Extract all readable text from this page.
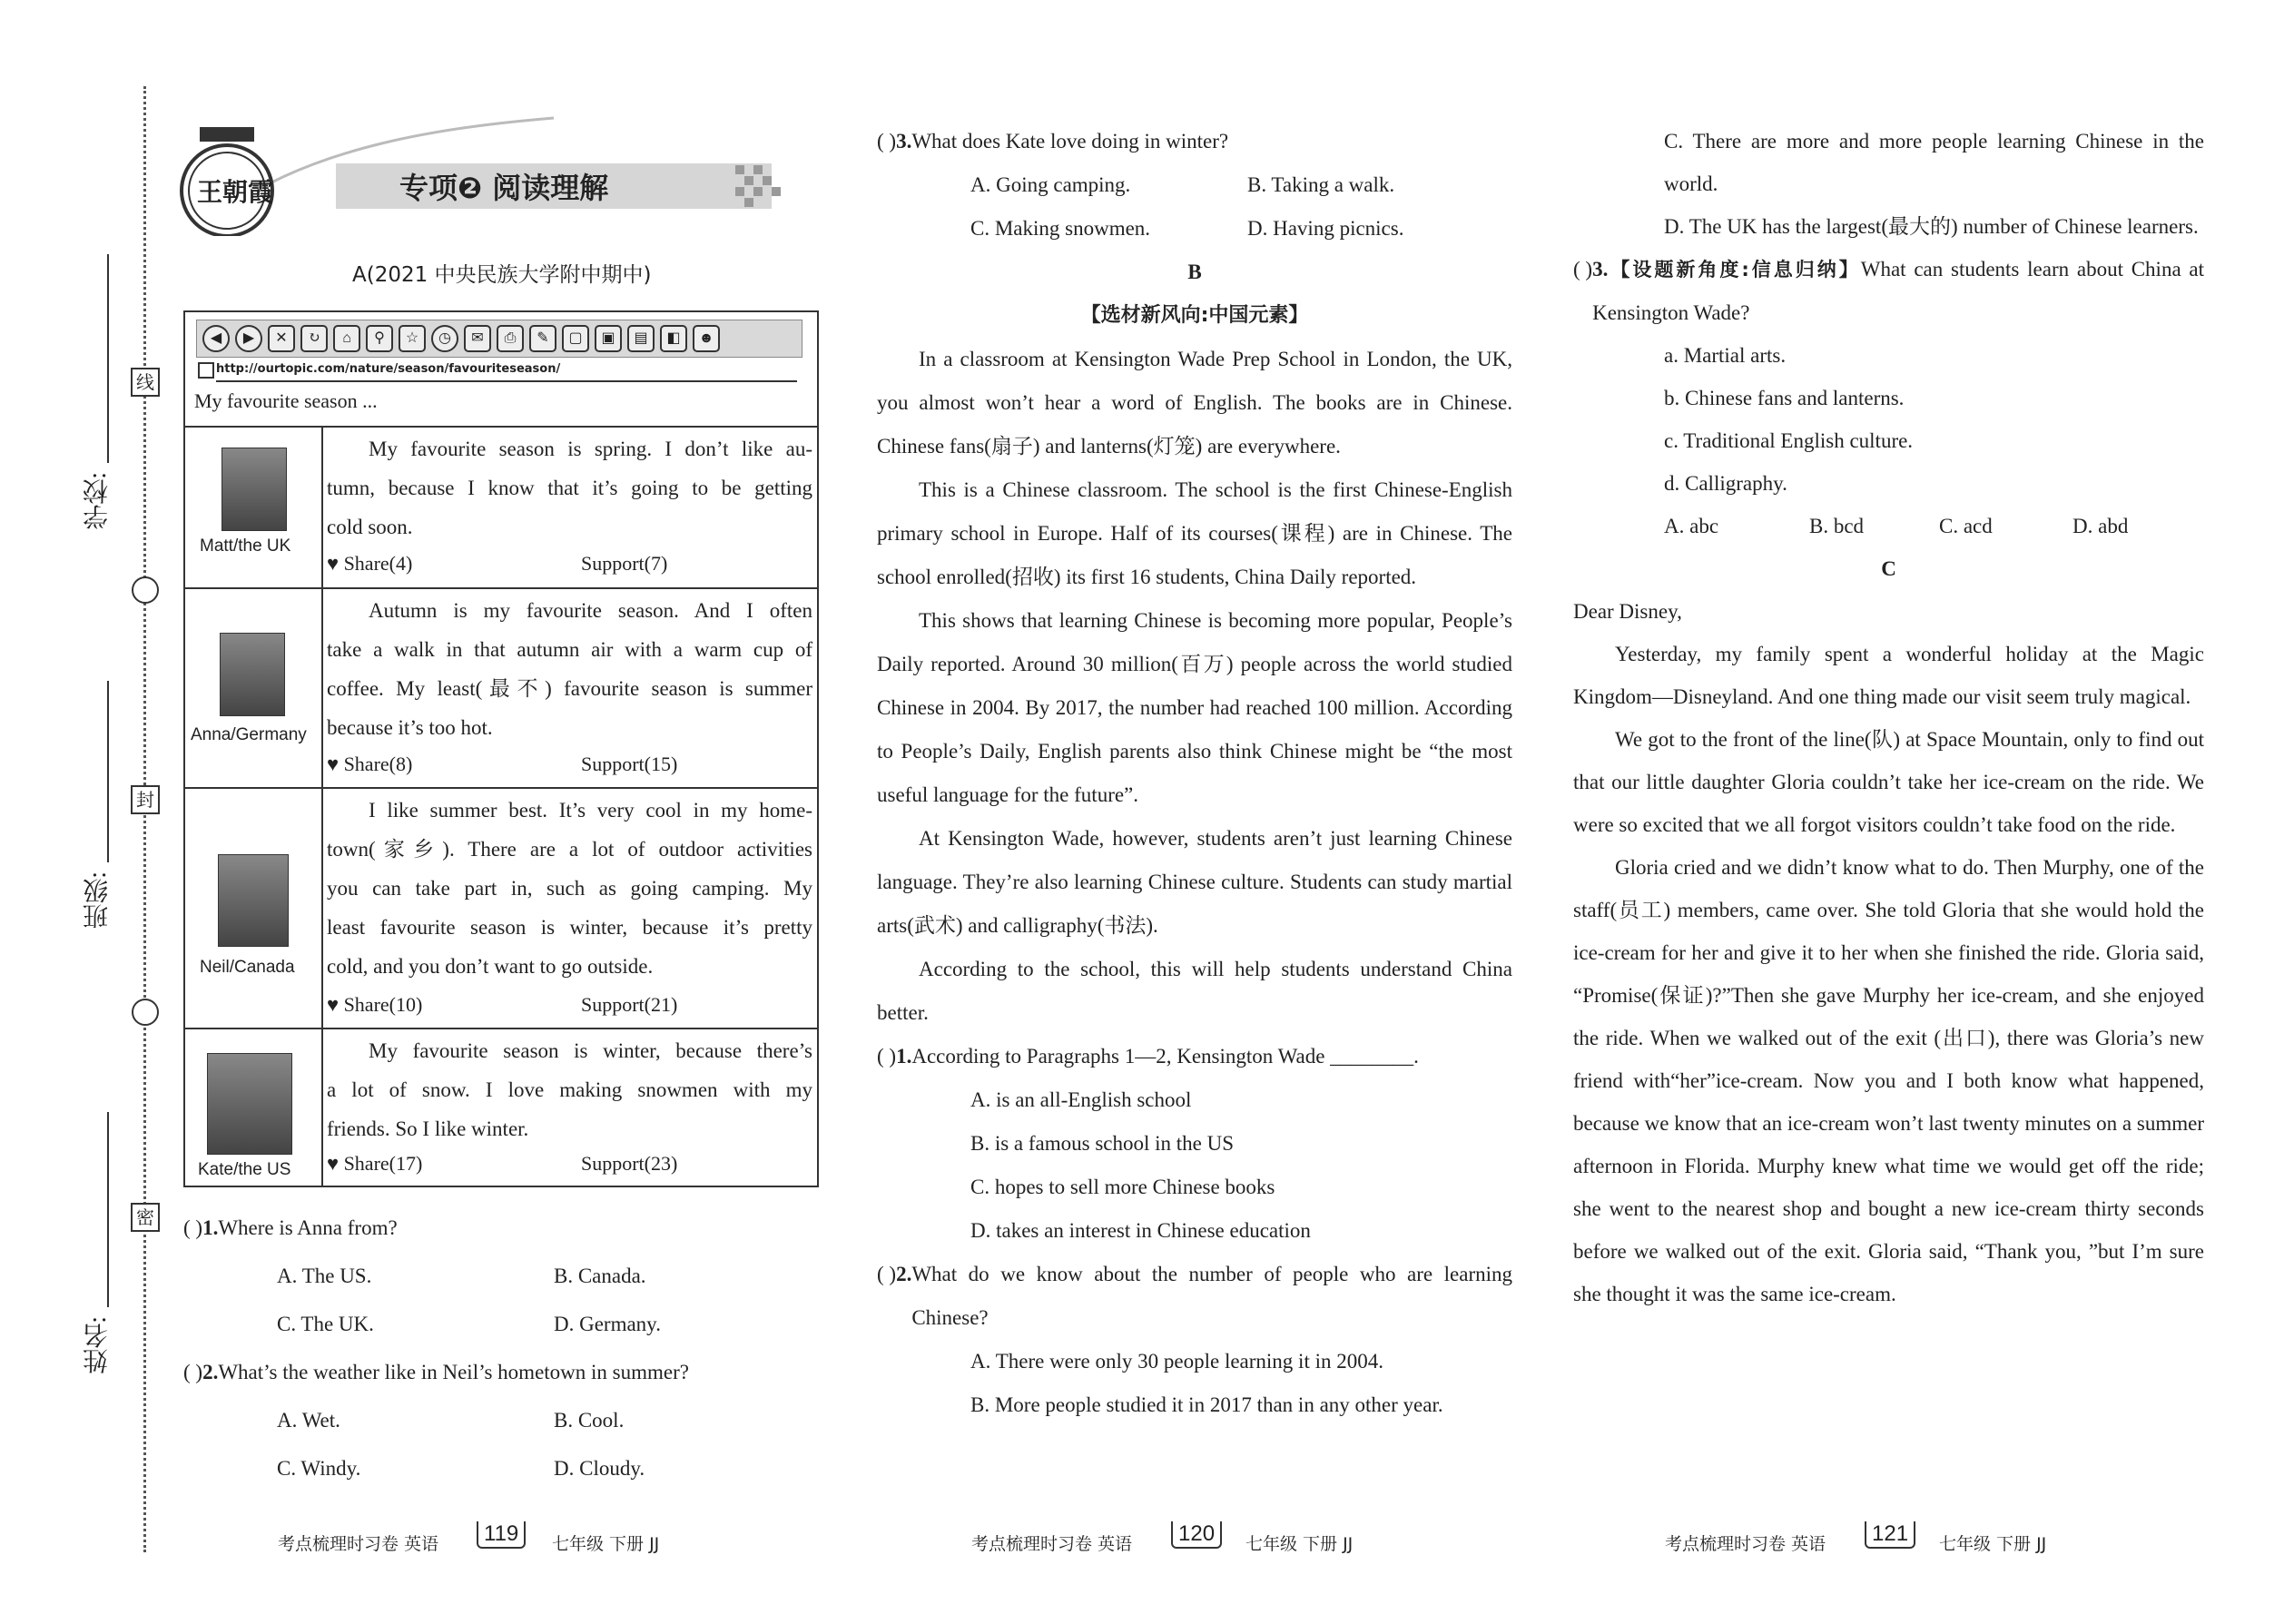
学校:
班级:
姓名:
线
封
密
王朝霞	专项❷ 阅读理解
A(2021 中央民族大学附中期中)
◀	▶	✕	↻	⌂	⚲	☆	◷	✉	⎙	✎	▢	▣	▤	◧	☻
http://ourtopic.com/nature/season/favouriteseason/
My favourite season ...
Matt/the UK
My favourite season is spring. I don’t like au-
tumn, because I know that it’s going to be getting
cold soon.
♥ Share(4)	Support(7)
Anna/Germany
Autumn is my favourite season. And I often
take a walk in that autumn air with a warm cup of
coffee. My least(最不) favourite season is summer
because it’s too hot.
♥ Share(8)	Support(15)
Neil/Canada
I like summer best. It’s very cool in my home-
town(家乡). There are a lot of outdoor activities
you can take part in, such as going camping. My
least favourite season is winter, because it’s pretty
cold, and you don’t want to go outside.
♥ Share(10)	Support(21)
Kate/the US
My favourite season is winter, because there’s
a lot of snow. I love making snowmen with my
friends. So I like winter.
♥ Share(17)	Support(23)
( )1.Where is Anna from?
A. The US.	B. Canada.
C. The UK.	D. Germany.
( )2.What’s the weather like in Neil’s hometown in summer?
A. Wet.	B. Cool.
C. Windy.	D. Cloudy.
( )3.What does Kate love doing in winter?
A. Going camping.	B. Taking a walk.
C. Making snowmen.	D. Having picnics.
B
【选材新风向:中国元素】

In a classroom at Kensington Wade Prep School in London, the UK, you almost won’t hear a word of English. The books are in Chinese. Chinese fans(扇子) and lanterns(灯笼) are everywhere.

This is a Chinese classroom. The school is the first Chinese-English primary school in Europe. Half of its courses(课程) are in Chinese. The school enrolled(招收) its first 16 students, China Daily reported.

This shows that learning Chinese is becoming more popular, People’s Daily reported. Around 30 million(百万) people across the world studied Chinese in 2004. By 2017, the number had reached 100 million. According to People’s Daily, English parents also think Chinese might be “the most useful language for the future”.

At Kensington Wade, however, students aren’t just learning Chinese language. They’re also learning Chinese culture. Students can study martial arts(武术) and calligraphy(书法).

According to the school, this will help students understand China better.

( )1.According to Paragraphs 1—2, Kensington Wade ________.
A. is an all-English school
B. is a famous school in the US
C. hopes to sell more Chinese books
D. takes an interest in Chinese education
( ) 2. What do we know about the number of people who are learning Chinese?
A. There were only 30 people learning it in 2004.
B. More people studied it in 2017 than in any other year.
C. There are more and more people learning Chinese in the world.
D. The UK has the largest(最大的) number of Chinese learners.
( ) 3.【设题新角度:信息归纳】What can students learn about China at Kensington Wade?
a. Martial arts.
b. Chinese fans and lanterns.
c. Traditional English culture.
d. Calligraphy.
A. abc	B. bcd	C. acd	D. abd
C
Dear Disney,

Yesterday, my family spent a wonderful holiday at the Magic Kingdom—Disneyland. And one thing made our visit seem truly magical.

We got to the front of the line(队) at Space Mountain, only to find out that our little daughter Gloria couldn’t take her ice-cream on the ride. We were so excited that we all forgot visitors couldn’t take food on the ride.

Gloria cried and we didn’t know what to do. Then Murphy, one of the staff(员工) members, came over. She told Gloria that she would hold the ice-cream for her and give it to her when she finished the ride. Gloria said, “Promise(保证)?”Then she gave Murphy her ice-cream, and she enjoyed the ride. When we walked out of the exit (出口), there was Gloria’s new friend with“her”ice-cream. Now you and I both know what happened, because we know that an ice-cream won’t last twenty minutes on a summer afternoon in Florida. Murphy knew what time we would get off the ride; she went to the nearest shop and bought a new ice-cream thirty seconds before we walked out of the exit. Gloria said, “Thank you, ”but I’m sure she thought it was the same ice-cream.

考点梳理时习卷 英语	119	七年级 下册 JJ	考点梳理时习卷 英语	120	七年级 下册 JJ	考点梳理时习卷 英语	121	七年级 下册 JJ
